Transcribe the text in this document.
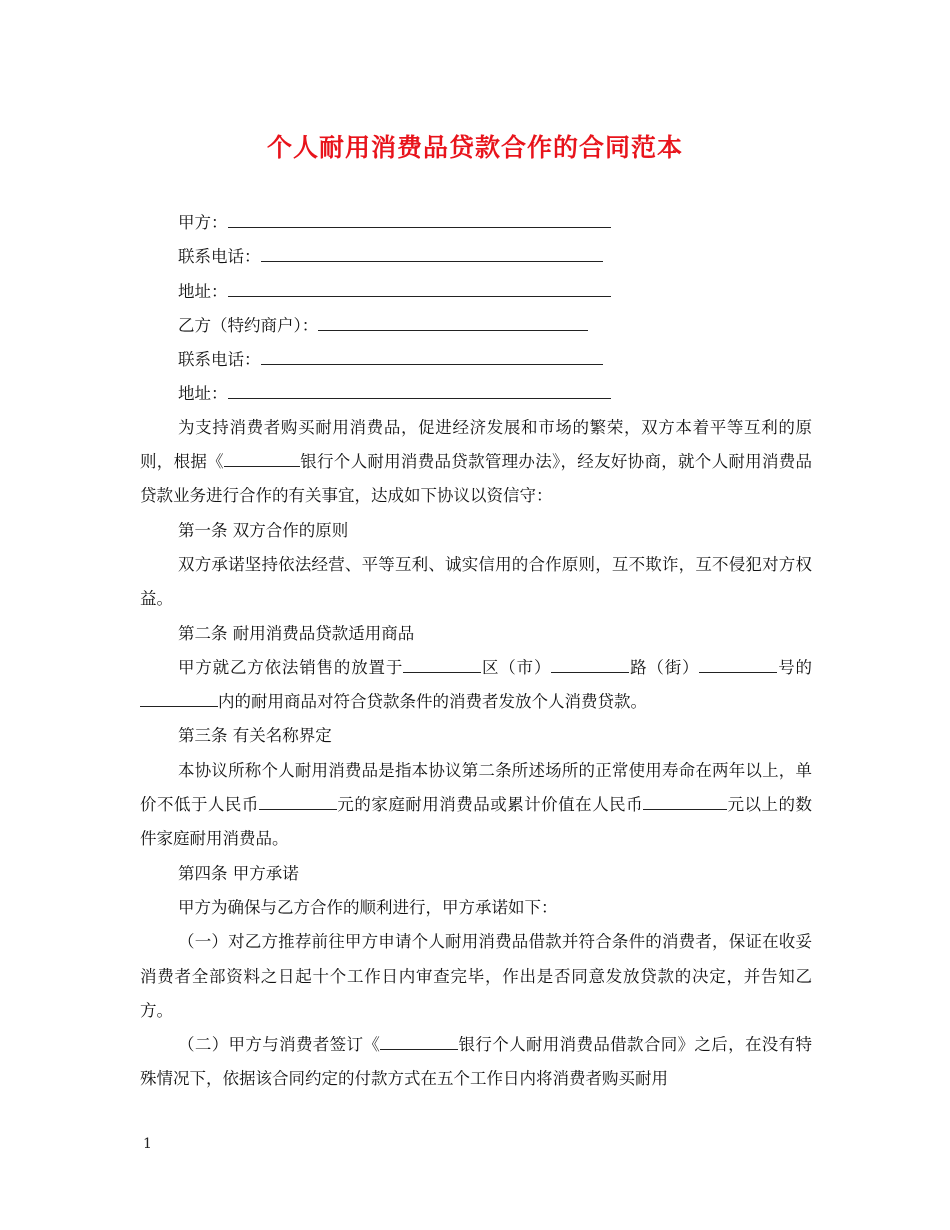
个人耐用消费品贷款合作的合同范本
甲方：
联系电话：
地址：
乙方（特约商户）：
联系电话：
地址：

为支持消费者购买耐用消费品，促进经济发展和市场的繁荣，双方本着平等互利的原则，根据《	银行个人耐用消费品贷款管理办法》，经友好协商，就个人耐用消费品贷款业务进行合作的有关事宜，达成如下协议以资信守：

第一条 双方合作的原则

双方承诺坚持依法经营、平等互利、诚实信用的合作原则，互不欺诈，互不侵犯对方权益。

第二条 耐用消费品贷款适用商品

甲方就乙方依法销售的放置于	区（市）	路（街）	号的内的耐用商品对符合贷款条件的消费者发放个人消费贷款。

第三条 有关名称界定

本协议所称个人耐用消费品是指本协议第二条所述场所的正常使用寿命在两年以上，单价不低于人民币	元的家庭耐用消费品或累计价值在人民币	元以上的数件家庭耐用消费品。

第四条 甲方承诺

甲方为确保与乙方合作的顺利进行，甲方承诺如下：

（一）对乙方推荐前往甲方申请个人耐用消费品借款并符合条件的消费者，保证在收妥消费者全部资料之日起十个工作日内审查完毕，作出是否同意发放贷款的决定，并告知乙方。

（二）甲方与消费者签订《	银行个人耐用消费品借款合同》之后，在没有特殊情况下，依据该合同约定的付款方式在五个工作日内将消费者购买耐用

1
